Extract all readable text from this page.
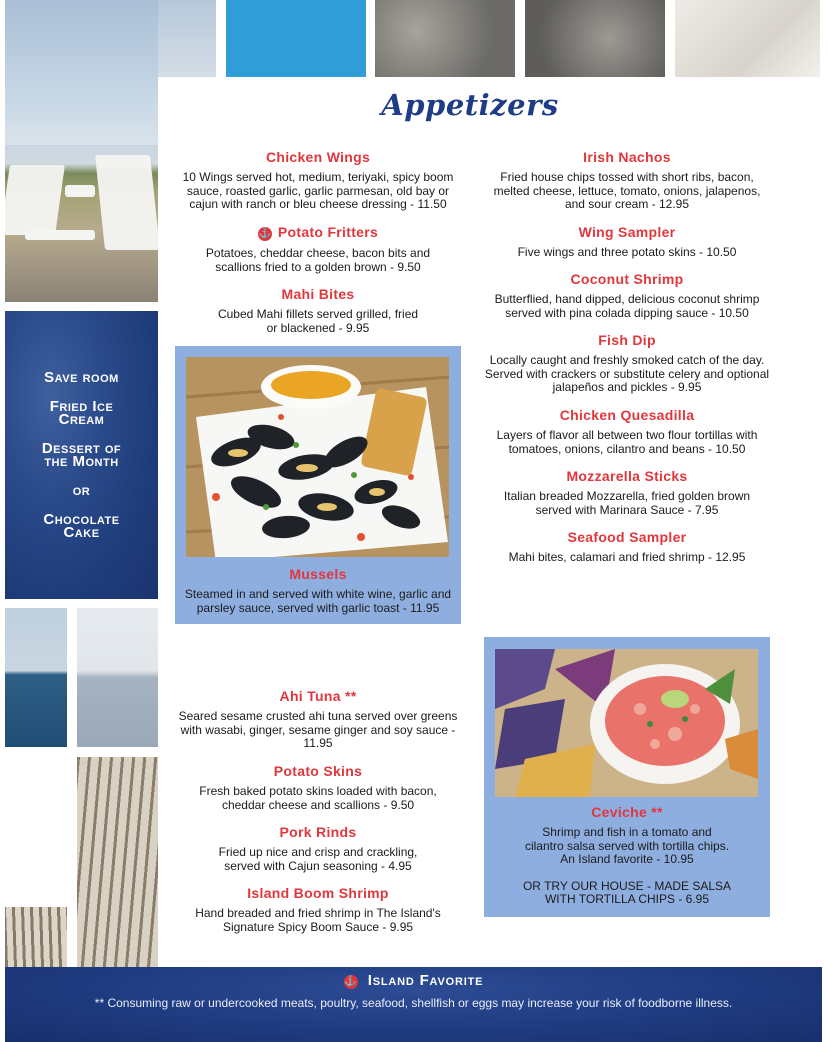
Save room
Fried Ice
Cream
Dessert of
the Month
or
Chocolate
Cake
Appetizers
Chicken Wings
10 Wings served hot, medium, teriyaki, spicy boom
sauce, roasted garlic, garlic parmesan, old bay or
cajun with ranch or bleu cheese dressing - 11.50
⚓ Potato Fritters
Potatoes, cheddar cheese, bacon bits and
scallions fried to a golden brown - 9.50
Mahi Bites
Cubed Mahi fillets served grilled, fried
or blackened - 9.95
Mussels
Steamed in and served with white wine, garlic and
parsley sauce, served with garlic toast - 11.95
Irish Nachos
Fried house chips tossed with short ribs, bacon,
melted cheese, lettuce, tomato, onions, jalapenos,
and sour cream - 12.95
Wing Sampler
Five wings and three potato skins - 10.50
Coconut Shrimp
Butterflied, hand dipped, delicious coconut shrimp
served with pina colada dipping sauce - 10.50
Fish Dip
Locally caught and freshly smoked catch of the day.
Served with crackers or substitute celery and optional
jalapeños and pickles - 9.95
Chicken Quesadilla
Layers of flavor all between two flour tortillas with
tomatoes, onions, cilantro and beans - 10.50
Mozzarella Sticks
Italian breaded Mozzarella, fried golden brown
served with Marinara Sauce - 7.95
Seafood Sampler
Mahi bites, calamari and fried shrimp - 12.95
Ahi Tuna **
Seared sesame crusted ahi tuna served over greens
with wasabi, ginger, sesame ginger and soy sauce -
11.95
Potato Skins
Fresh baked potato skins loaded with bacon,
cheddar cheese and scallions - 9.50
Pork Rinds
Fried up nice and crisp and crackling,
served with Cajun seasoning - 4.95
Island Boom Shrimp
Hand breaded and fried shrimp in The Island's
Signature Spicy Boom Sauce - 9.95
Ceviche **
Shrimp and fish in a tomato and
cilantro salsa served with tortilla chips.
An Island favorite - 10.95
OR TRY OUR HOUSE - MADE SALSA
WITH TORTILLA CHIPS - 6.95
⚓ Island Favorite
** Consuming raw or undercooked meats, poultry, seafood, shellfish or eggs may increase your risk of foodborne illness.
